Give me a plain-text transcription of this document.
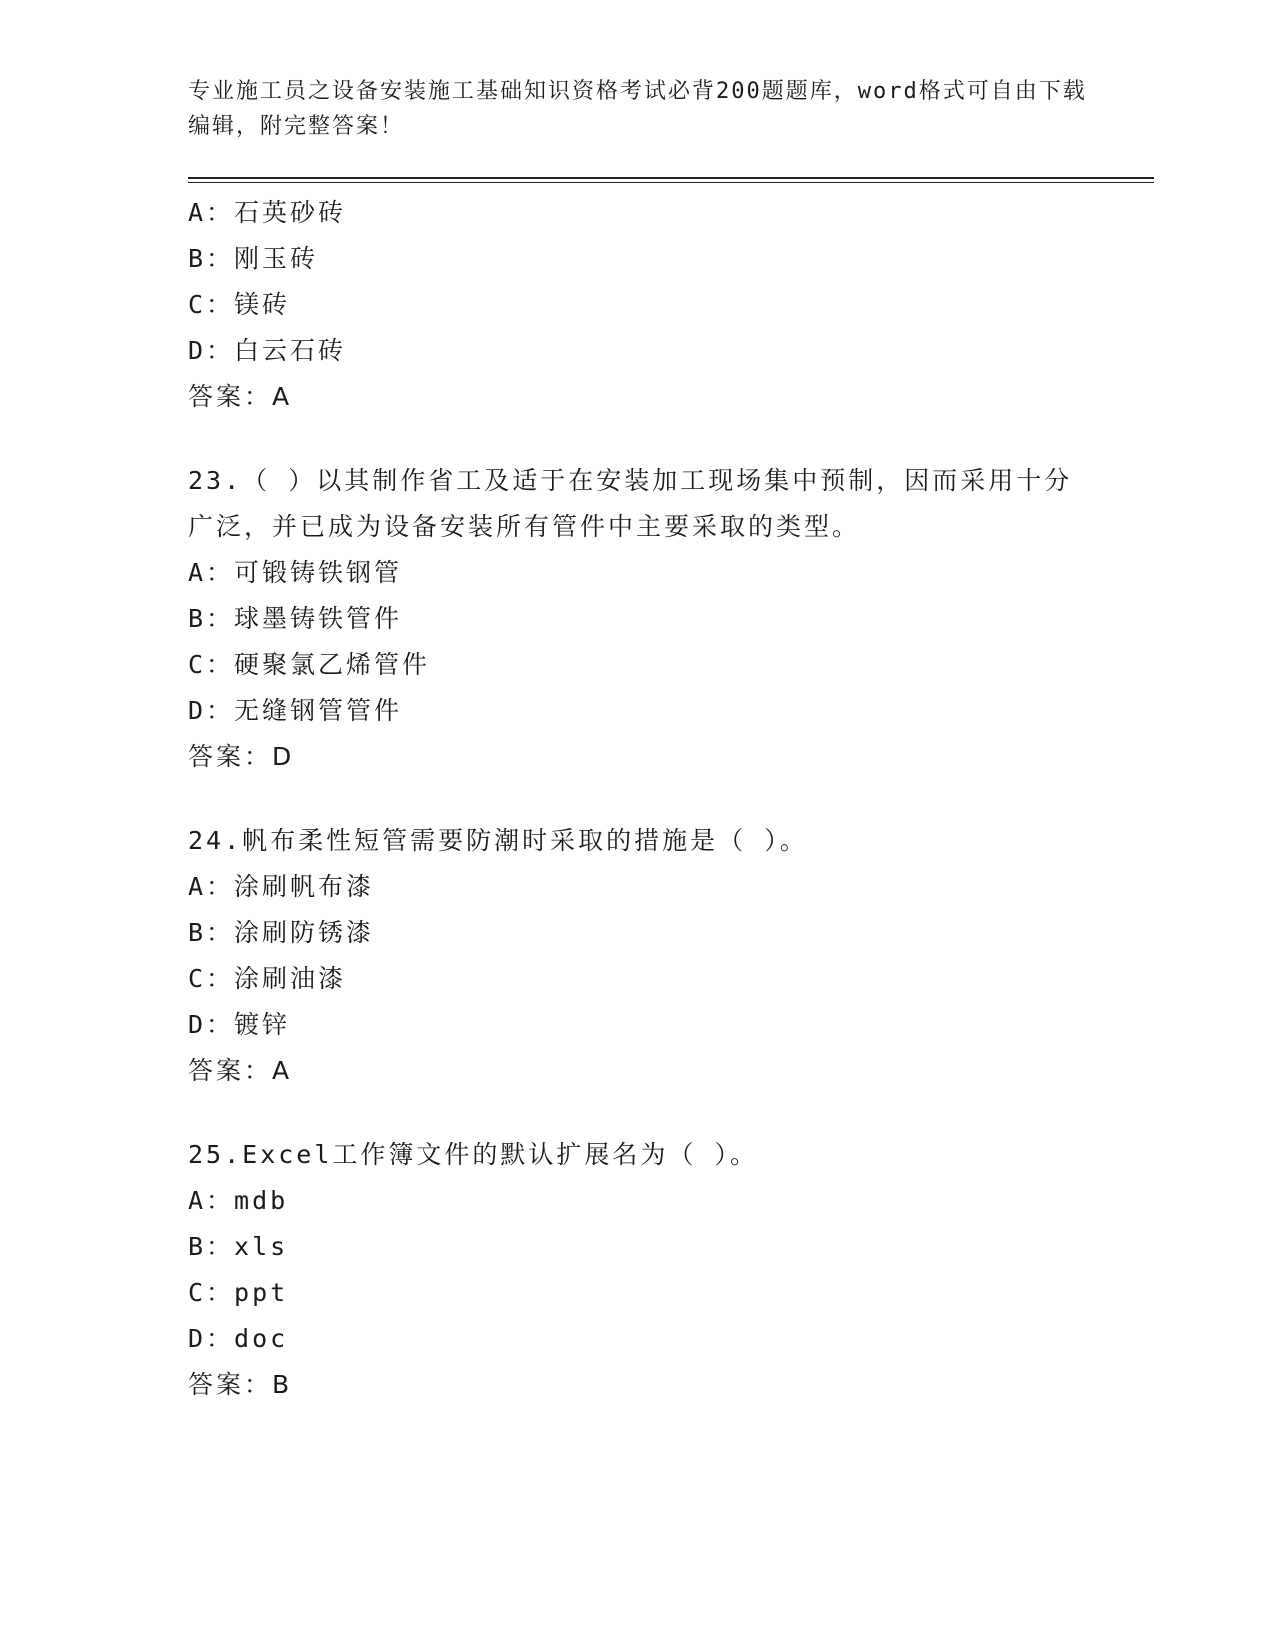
专业施工员之设备安装施工基础知识资格考试必背200题题库，word格式可自由下载编辑，附完整答案！
A：石英砂砖
B：刚玉砖
C：镁砖
D：白云石砖
答案：A
23.（ ）以其制作省工及适于在安装加工现场集中预制，因而采用十分广泛，并已成为设备安装所有管件中主要采取的类型。
A：可锻铸铁钢管
B：球墨铸铁管件
C：硬聚氯乙烯管件
D：无缝钢管管件
答案：D
24.帆布柔性短管需要防潮时采取的措施是（ ）。
A：涂刷帆布漆
B：涂刷防锈漆
C：涂刷油漆
D：镀锌
答案：A
25.Excel工作簿文件的默认扩展名为（ ）。
A：mdb
B：xls
C：ppt
D：doc
答案：B
